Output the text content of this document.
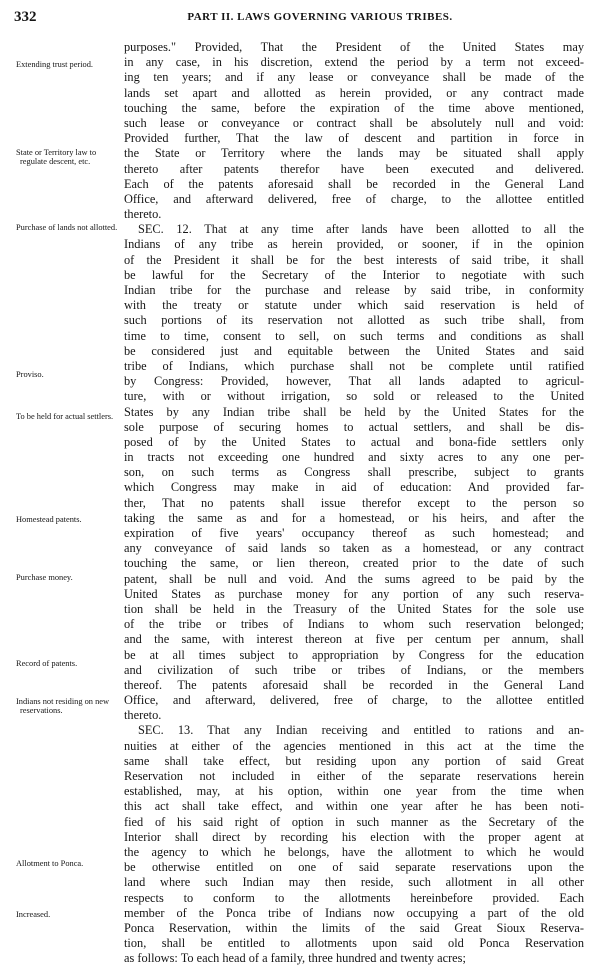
332	PART II. LAWS GOVERNING VARIOUS TRIBES.
Extending trust period.
State or Territory law to regulate descent, etc.
Purchase of lands not allotted.
Proviso.
To be held for actual settlers.
Homestead patents.
Purchase money.
Record of patents.
Indians not residing on new reservations.
Allotment to Ponca.
Increased.
purposes." Provided, That the President of the United States may
in any case, in his discretion, extend the period by a term not exceed-
ing ten years; and if any lease or conveyance shall be made of the
lands set apart and allotted as herein provided, or any contract made
touching the same, before the expiration of the time above mentioned,
such lease or conveyance or contract shall be absolutely null and void:
Provided further, That the law of descent and partition in force in
the State or Territory where the lands may be situated shall apply
thereto after patents therefor have been executed and delivered.
Each of the patents aforesaid shall be recorded in the General Land
Office, and afterward delivered, free of charge, to the allottee entitled
thereto.
SEC. 12. That at any time after lands have been allotted to all the
Indians of any tribe as herein provided, or sooner, if in the opinion
of the President it shall be for the best interests of said tribe, it shall
be lawful for the Secretary of the Interior to negotiate with such
Indian tribe for the purchase and release by said tribe, in conformity
with the treaty or statute under which said reservation is held of
such portions of its reservation not allotted as such tribe shall, from
time to time, consent to sell, on such terms and conditions as shall
be considered just and equitable between the United States and said
tribe of Indians, which purchase shall not be complete until ratified
by Congress: Provided, however, That all lands adapted to agricul-
ture, with or without irrigation, so sold or released to the United
States by any Indian tribe shall be held by the United States for the
sole purpose of securing homes to actual settlers, and shall be dis-
posed of by the United States to actual and bona-fide settlers only
in tracts not exceeding one hundred and sixty acres to any one per-
son, on such terms as Congress shall prescribe, subject to grants
which Congress may make in aid of education: And provided far-
ther, That no patents shall issue therefor except to the person so
taking the same as and for a homestead, or his heirs, and after the
expiration of five years' occupancy thereof as such homestead; and
any conveyance of said lands so taken as a homestead, or any contract
touching the same, or lien thereon, created prior to the date of such
patent, shall be null and void. And the sums agreed to be paid by the
United States as purchase money for any portion of any such reserva-
tion shall be held in the Treasury of the United States for the sole use
of the tribe or tribes of Indians to whom such reservation belonged;
and the same, with interest thereon at five per centum per annum, shall
be at all times subject to appropriation by Congress for the education
and civilization of such tribe or tribes of Indians, or the members
thereof. The patents aforesaid shall be recorded in the General Land
Office, and afterward, delivered, free of charge, to the allottee entitled
thereto.
SEC. 13. That any Indian receiving and entitled to rations and an-
nuities at either of the agencies mentioned in this act at the time the
same shall take effect, but residing upon any portion of said Great
Reservation not included in either of the separate reservations herein
established, may, at his option, within one year from the time when
this act shall take effect, and within one year after he has been noti-
fied of his said right of option in such manner as the Secretary of the
Interior shall direct by recording his election with the proper agent at
the agency to which he belongs, have the allotment to which he would
be otherwise entitled on one of said separate reservations upon the
land where such Indian may then reside, such allotment in all other
respects to conform to the allotments hereinbefore provided. Each
member of the Ponca tribe of Indians now occupying a part of the old
Ponca Reservation, within the limits of the said Great Sioux Reserva-
tion, shall be entitled to allotments upon said old Ponca Reservation
as follows: To each head of a family, three hundred and twenty acres;
